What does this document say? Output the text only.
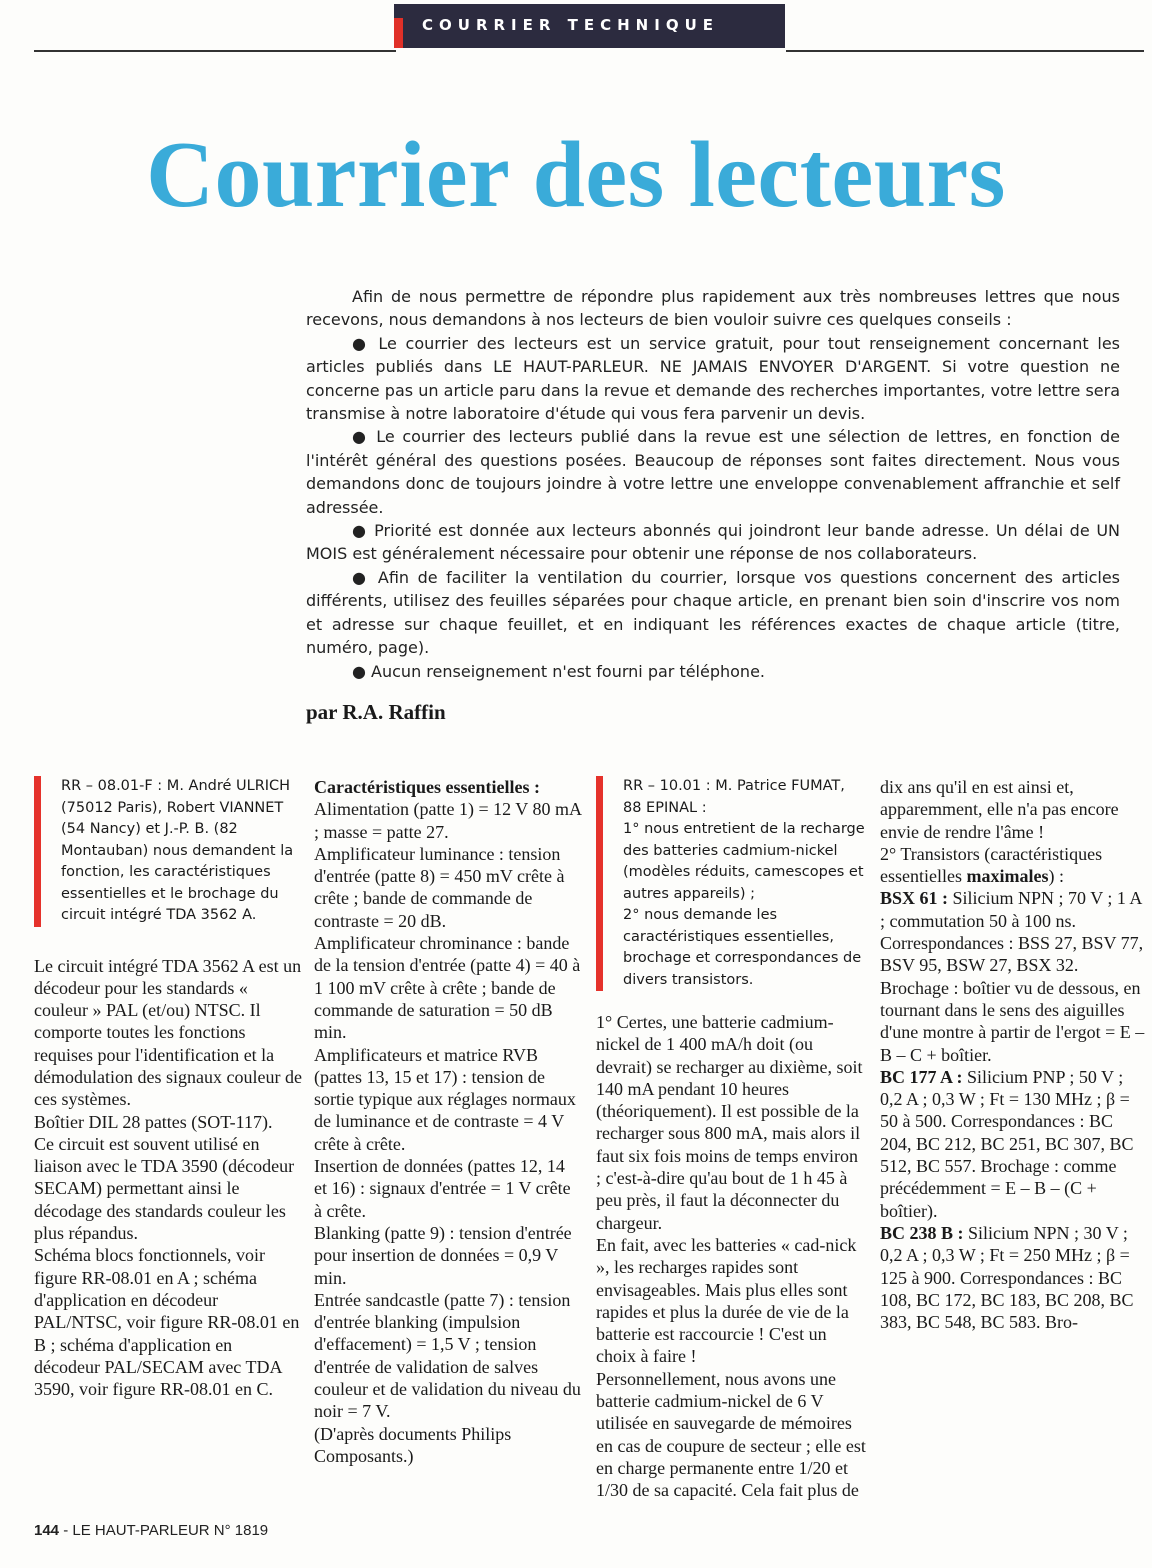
COURRIER TECHNIQUE
Courrier des lecteurs

Afin de nous permettre de répondre plus rapidement aux très nombreuses lettres que nous recevons, nous demandons à nos lecteurs de bien vouloir suivre ces quelques conseils :

● Le courrier des lecteurs est un service gratuit, pour tout renseignement concernant les articles publiés dans LE HAUT-PARLEUR. NE JAMAIS ENVOYER D'ARGENT. Si votre question ne concerne pas un article paru dans la revue et demande des recherches importantes, votre lettre sera transmise à notre laboratoire d'étude qui vous fera parvenir un devis.

● Le courrier des lecteurs publié dans la revue est une sélection de lettres, en fonction de l'intérêt général des questions posées. Beaucoup de réponses sont faites directement. Nous vous demandons donc de toujours joindre à votre lettre une enveloppe convenablement affranchie et self adressée.

● Priorité est donnée aux lecteurs abonnés qui joindront leur bande adresse. Un délai de UN MOIS est généralement nécessaire pour obtenir une réponse de nos collaborateurs.

● Afin de faciliter la ventilation du courrier, lorsque vos questions concernent des articles différents, utilisez des feuilles séparées pour chaque article, en prenant bien soin d'inscrire vos nom et adresse sur chaque feuillet, et en indiquant les références exactes de chaque article (titre, numéro, page).

● Aucun renseignement n'est fourni par téléphone.

par R.A. Raffin
RR – 08.01-F : M. André ULRICH (75012 Paris), Robert VIANNET (54 Nancy) et J.-P. B. (82 Montauban) nous demandent la fonction, les caractéristiques essentielles et le brochage du circuit intégré TDA 3562 A.

Le circuit intégré TDA 3562 A est un décodeur pour les standards « couleur » PAL (et/ou) NTSC. Il comporte toutes les fonctions requises pour l'identification et la démodulation des signaux couleur de ces systèmes.

Boîtier DIL 28 pattes (SOT-117).

Ce circuit est souvent utilisé en liaison avec le TDA 3590 (décodeur SECAM) permettant ainsi le décodage des standards couleur les plus répandus.

Schéma blocs fonctionnels, voir figure RR-08.01 en A ; schéma d'application en décodeur PAL/NTSC, voir figure RR-08.01 en B ; schéma d'application en décodeur PAL/SECAM avec TDA 3590, voir figure RR-08.01 en C.

Caractéristiques essentielles :

Alimentation (patte 1) = 12 V 80 mA ; masse = patte 27.

Amplificateur luminance : tension d'entrée (patte 8) = 450 mV crête à crête ; bande de commande de contraste = 20 dB.

Amplificateur chrominance : bande de la tension d'entrée (patte 4) = 40 à 1 100 mV crête à crête ; bande de commande de saturation = 50 dB min.

Amplificateurs et matrice RVB (pattes 13, 15 et 17) : tension de sortie typique aux réglages normaux de luminance et de contraste = 4 V crête à crête.

Insertion de données (pattes 12, 14 et 16) : signaux d'entrée = 1 V crête à crête.

Blanking (patte 9) : tension d'entrée pour insertion de données = 0,9 V min.

Entrée sandcastle (patte 7) : tension d'entrée blanking (impulsion d'effacement) = 1,5 V ; tension d'entrée de validation de salves couleur et de validation du niveau du noir = 7 V.

(D'après documents Philips Composants.)

RR – 10.01 : M. Patrice FUMAT, 88 EPINAL :
1° nous entretient de la recharge des batteries cadmium-nickel (modèles réduits, camescopes et autres appareils) ;
2° nous demande les caractéristiques essentielles, brochage et correspondances de divers transistors.

1° Certes, une batterie cadmium-nickel de 1 400 mA/h doit (ou devrait) se recharger au dixième, soit 140 mA pendant 10 heures (théoriquement). Il est possible de la recharger sous 800 mA, mais alors il faut six fois moins de temps environ ; c'est-à-dire qu'au bout de 1 h 45 à peu près, il faut la déconnecter du chargeur.

En fait, avec les batteries « cad-nick », les recharges rapides sont envisageables. Mais plus elles sont rapides et plus la durée de vie de la batterie est raccourcie ! C'est un choix à faire !

Personnellement, nous avons une batterie cadmium-nickel de 6 V utilisée en sauvegarde de mémoires en cas de coupure de secteur ; elle est en charge permanente entre 1/20 et 1/30 de sa capacité. Cela fait plus de

dix ans qu'il en est ainsi et, apparemment, elle n'a pas encore envie de rendre l'âme !

2° Transistors (caractéristiques essentielles maximales) :

BSX 61 : Silicium NPN ; 70 V ; 1 A ; commutation 50 à 100 ns. Correspondances : BSS 27, BSV 77, BSV 95, BSW 27, BSX 32. Brochage : boîtier vu de dessous, en tournant dans le sens des aiguilles d'une montre à partir de l'ergot = E – B – C + boîtier.

BC 177 A : Silicium PNP ; 50 V ; 0,2 A ; 0,3 W ; Ft = 130 MHz ; β = 50 à 500. Correspondances : BC 204, BC 212, BC 251, BC 307, BC 512, BC 557. Brochage : comme précédemment = E – B – (C + boîtier).

BC 238 B : Silicium NPN ; 30 V ; 0,2 A ; 0,3 W ; Ft = 250 MHz ; β = 125 à 900. Correspondances : BC 108, BC 172, BC 183, BC 208, BC 383, BC 548, BC 583. Bro-

144 - LE HAUT-PARLEUR N° 1819
